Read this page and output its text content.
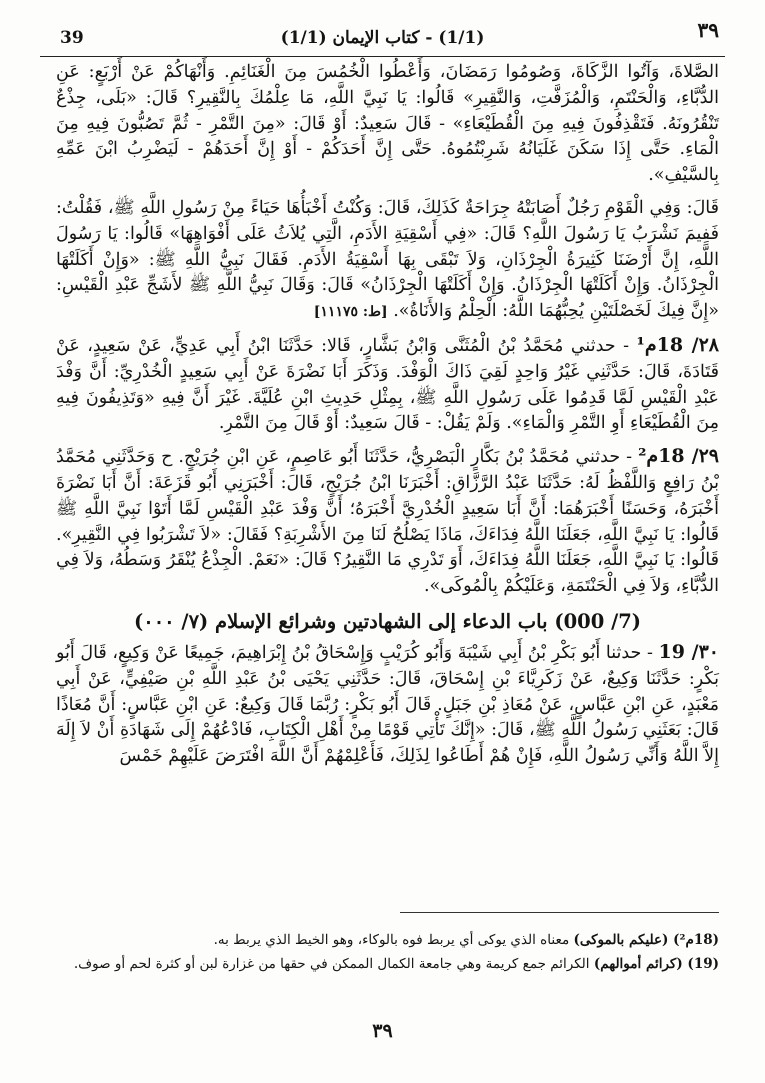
39	(1/1) - كتاب الإيمان (1/1)	٣٩

الصَّلاةَ، وَآتُوا الزَّكَاةَ، وَصُومُوا رَمَضَانَ، وَأَعْطُوا الْخُمُسَ مِنَ الْغَنَائِمِ. وَأَنْهَاكُمْ عَنْ أَرْبَعٍ: عَنِ الدُّبَّاءِ، وَالْحَنْتَمِ، وَالْمُزَفَّتِ، وَالنَّقِيرِ» قَالُوا: يَا نَبِيَّ اللَّهِ، مَا عِلْمُكَ بِالنَّقِيرِ؟ قَالَ: «بَلَى، جِذْعٌ تَنْقُرُونَهُ. فَتَقْذِفُونَ فِيهِ مِنَ الْقُطَيْعَاءِ» - قَالَ سَعِيدٌ: أَوْ قَالَ: «مِنَ التَّمْرِ - ثُمَّ تَصُبُّونَ فِيهِ مِنَ الْمَاءِ. حَتَّى إِذَا سَكَنَ غَلَيَانُهُ شَرِبْتُمُوهُ. حَتَّى إِنَّ أَحَدَكُمْ - أَوْ إِنَّ أَحَدَهُمْ - لَيَضْرِبُ ابْنَ عَمِّهِ بِالسَّيْفِ».

قَالَ: وَفِي الْقَوْمِ رَجُلٌ أَصَابَتْهُ جِرَاحَةٌ كَذَلِكَ، قَالَ: وَكُنْتُ أَخْبَأُهَا حَيَاءً مِنْ رَسُولِ اللَّهِ ﷺ، فَقُلْتُ: فَفِيمَ نَشْرَبُ يَا رَسُولَ اللَّهِ؟ قَالَ: «فِي أَسْقِيَةِ الأَدَمِ، الَّتِي يُلاَثُ عَلَى أَفْوَاهِهَا» قَالُوا: يَا رَسُولَ اللَّهِ، إِنَّ أَرْضَنَا كَثِيرَةُ الْجِرْذَانِ، وَلاَ تَبْقَى بِهَا أَسْقِيَةُ الأَدَمِ. فَقَالَ نَبِيُّ اللَّهِ ﷺ: «وَإِنْ أَكَلَتْهَا الْجِرْذَانُ. وَإِنْ أَكَلَتْهَا الْجِرْذَانُ. وَإِنْ أَكَلَتْهَا الْجِرْذَانُ» قَالَ: وَقَالَ نَبِيُّ اللَّهِ ﷺ لأَشَجِّ عَبْدِ الْقَيْسِ: «إِنَّ فِيكَ لَخَصْلَتَيْنِ يُحِبُّهُمَا اللَّهُ: الْحِلْمُ وَالأَنَاةُ». [ط: ١١١٧٥]

٢٨/ 18م¹ - حدثني مُحَمَّدُ بْنُ الْمُثَنَّى وَابْنُ بَشَّارٍ، قَالا: حَدَّثَنَا ابْنُ أَبِي عَدِيٍّ، عَنْ سَعِيدٍ، عَنْ قَتَادَةَ، قَالَ: حَدَّثَنِي غَيْرُ وَاحِدٍ لَقِيَ ذَاكَ الْوَفْدَ. وَذَكَرَ أَبَا نَضْرَةَ عَنْ أَبِي سَعِيدٍ الْخُدْرِيِّ: أَنَّ وَفْدَ عَبْدِ الْقَيْسِ لَمَّا قَدِمُوا عَلَى رَسُولِ اللَّهِ ﷺ، بِمِثْلِ حَدِيثِ ابْنِ عُلَيَّةَ. غَيْرَ أَنَّ فِيهِ «وَتَذِيفُونَ فِيهِ مِنَ الْقُطَيْعَاءِ أَوِ التَّمْرِ وَالْمَاءِ». وَلَمْ يَقُلْ: - قَالَ سَعِيدٌ: أَوْ قَالَ مِنَ التَّمْرِ.

٢٩/ 18م² - حدثني مُحَمَّدُ بْنُ بَكَّارٍ الْبَصْرِيُّ، حَدَّثَنَا أَبُو عَاصِمٍ، عَنِ ابْنِ جُرَيْجٍ. ح وَحَدَّثَنِي مُحَمَّدُ بْنُ رَافِعٍ وَاللَّفْظُ لَهُ: حَدَّثَنَا عَبْدُ الرَّزَّاقِ: أَخْبَرَنَا ابْنُ جُرَيْجٍ، قَالَ: أَخْبَرَنِي أَبُو قَزَعَةَ: أَنَّ أَبَا نَضْرَةَ أَخْبَرَهُ، وَحَسَنًا أَخْبَرَهُمَا: أَنَّ أَبَا سَعِيدٍ الْخُدْرِيَّ أَخْبَرَهُ؛ أَنَّ وَفْدَ عَبْدِ الْقَيْسِ لَمَّا أَتَوْا نَبِيَّ اللَّهِ ﷺ قَالُوا: يَا نَبِيَّ اللَّهِ، جَعَلَنَا اللَّهُ فِدَاءَكَ، مَاذَا يَصْلُحُ لَنَا مِنَ الأَشْرِبَةِ؟ فَقَالَ: «لاَ تَشْرَبُوا فِي النَّقِيرِ». قَالُوا: يَا نَبِيَّ اللَّهِ، جَعَلَنَا اللَّهُ فِدَاءَكَ، أَوَ تَدْرِي مَا النَّقِيرُ؟ قَالَ: «نَعَمْ. الْجِذْعُ يُنْقَرُ وَسَطُهُ، وَلاَ فِي الدُّبَّاءِ، وَلاَ فِي الْحَنْتَمَةِ، وَعَلَيْكُمْ بِالْمُوكَى».

(7/ 000) باب الدعاء إلى الشهادتين وشرائع الإسلام (٧/ ٠٠٠)

٣٠/ 19 - حدثنا أَبُو بَكْرِ بْنُ أَبِي شَيْبَةَ وَأَبُو كُرَيْبٍ وَإِسْحَاقُ بْنُ إِبْرَاهِيمَ، جَمِيعًا عَنْ وَكِيعٍ، قَالَ أَبُو بَكْرٍ: حَدَّثَنَا وَكِيعٌ، عَنْ زَكَرِيَّاءَ بْنِ إِسْحَاقَ، قَالَ: حَدَّثَنِي يَحْيَى بْنُ عَبْدِ اللَّهِ بْنِ صَيْفِيٍّ، عَنْ أَبِي مَعْبَدٍ، عَنِ ابْنِ عَبَّاسٍ، عَنْ مُعَاذِ بْنِ جَبَلٍ. قَالَ أَبُو بَكْرٍ: رُبَّمَا قَالَ وَكِيعٌ: عَنِ ابْنِ عَبَّاسٍ: أَنَّ مُعَاذًا قَالَ: بَعَثَنِي رَسُولُ اللَّهِ ﷺ، قَالَ: «إِنَّكَ تَأْتِي قَوْمًا مِنْ أَهْلِ الْكِتَابِ، فَادْعُهُمْ إِلَى شَهَادَةِ أَنْ لاَ إِلَهَ إِلاَّ اللَّهُ وَأَنِّي رَسُولُ اللَّهِ، فَإِنْ هُمْ أَطَاعُوا لِذَلِكَ، فَأَعْلِمْهُمْ أَنَّ اللَّهَ افْتَرَضَ عَلَيْهِمْ خَمْسَ

(18م²) (عليكم بالموكى) معناه الذي يوكى أي يربط فوه بالوكاء، وهو الخيط الذي يربط به.

(19) (كرائم أموالهم) الكرائم جمع كريمة وهي جامعة الكمال الممكن في حقها من غزارة لبن أو كثرة لحم أو صوف.

٣٩
